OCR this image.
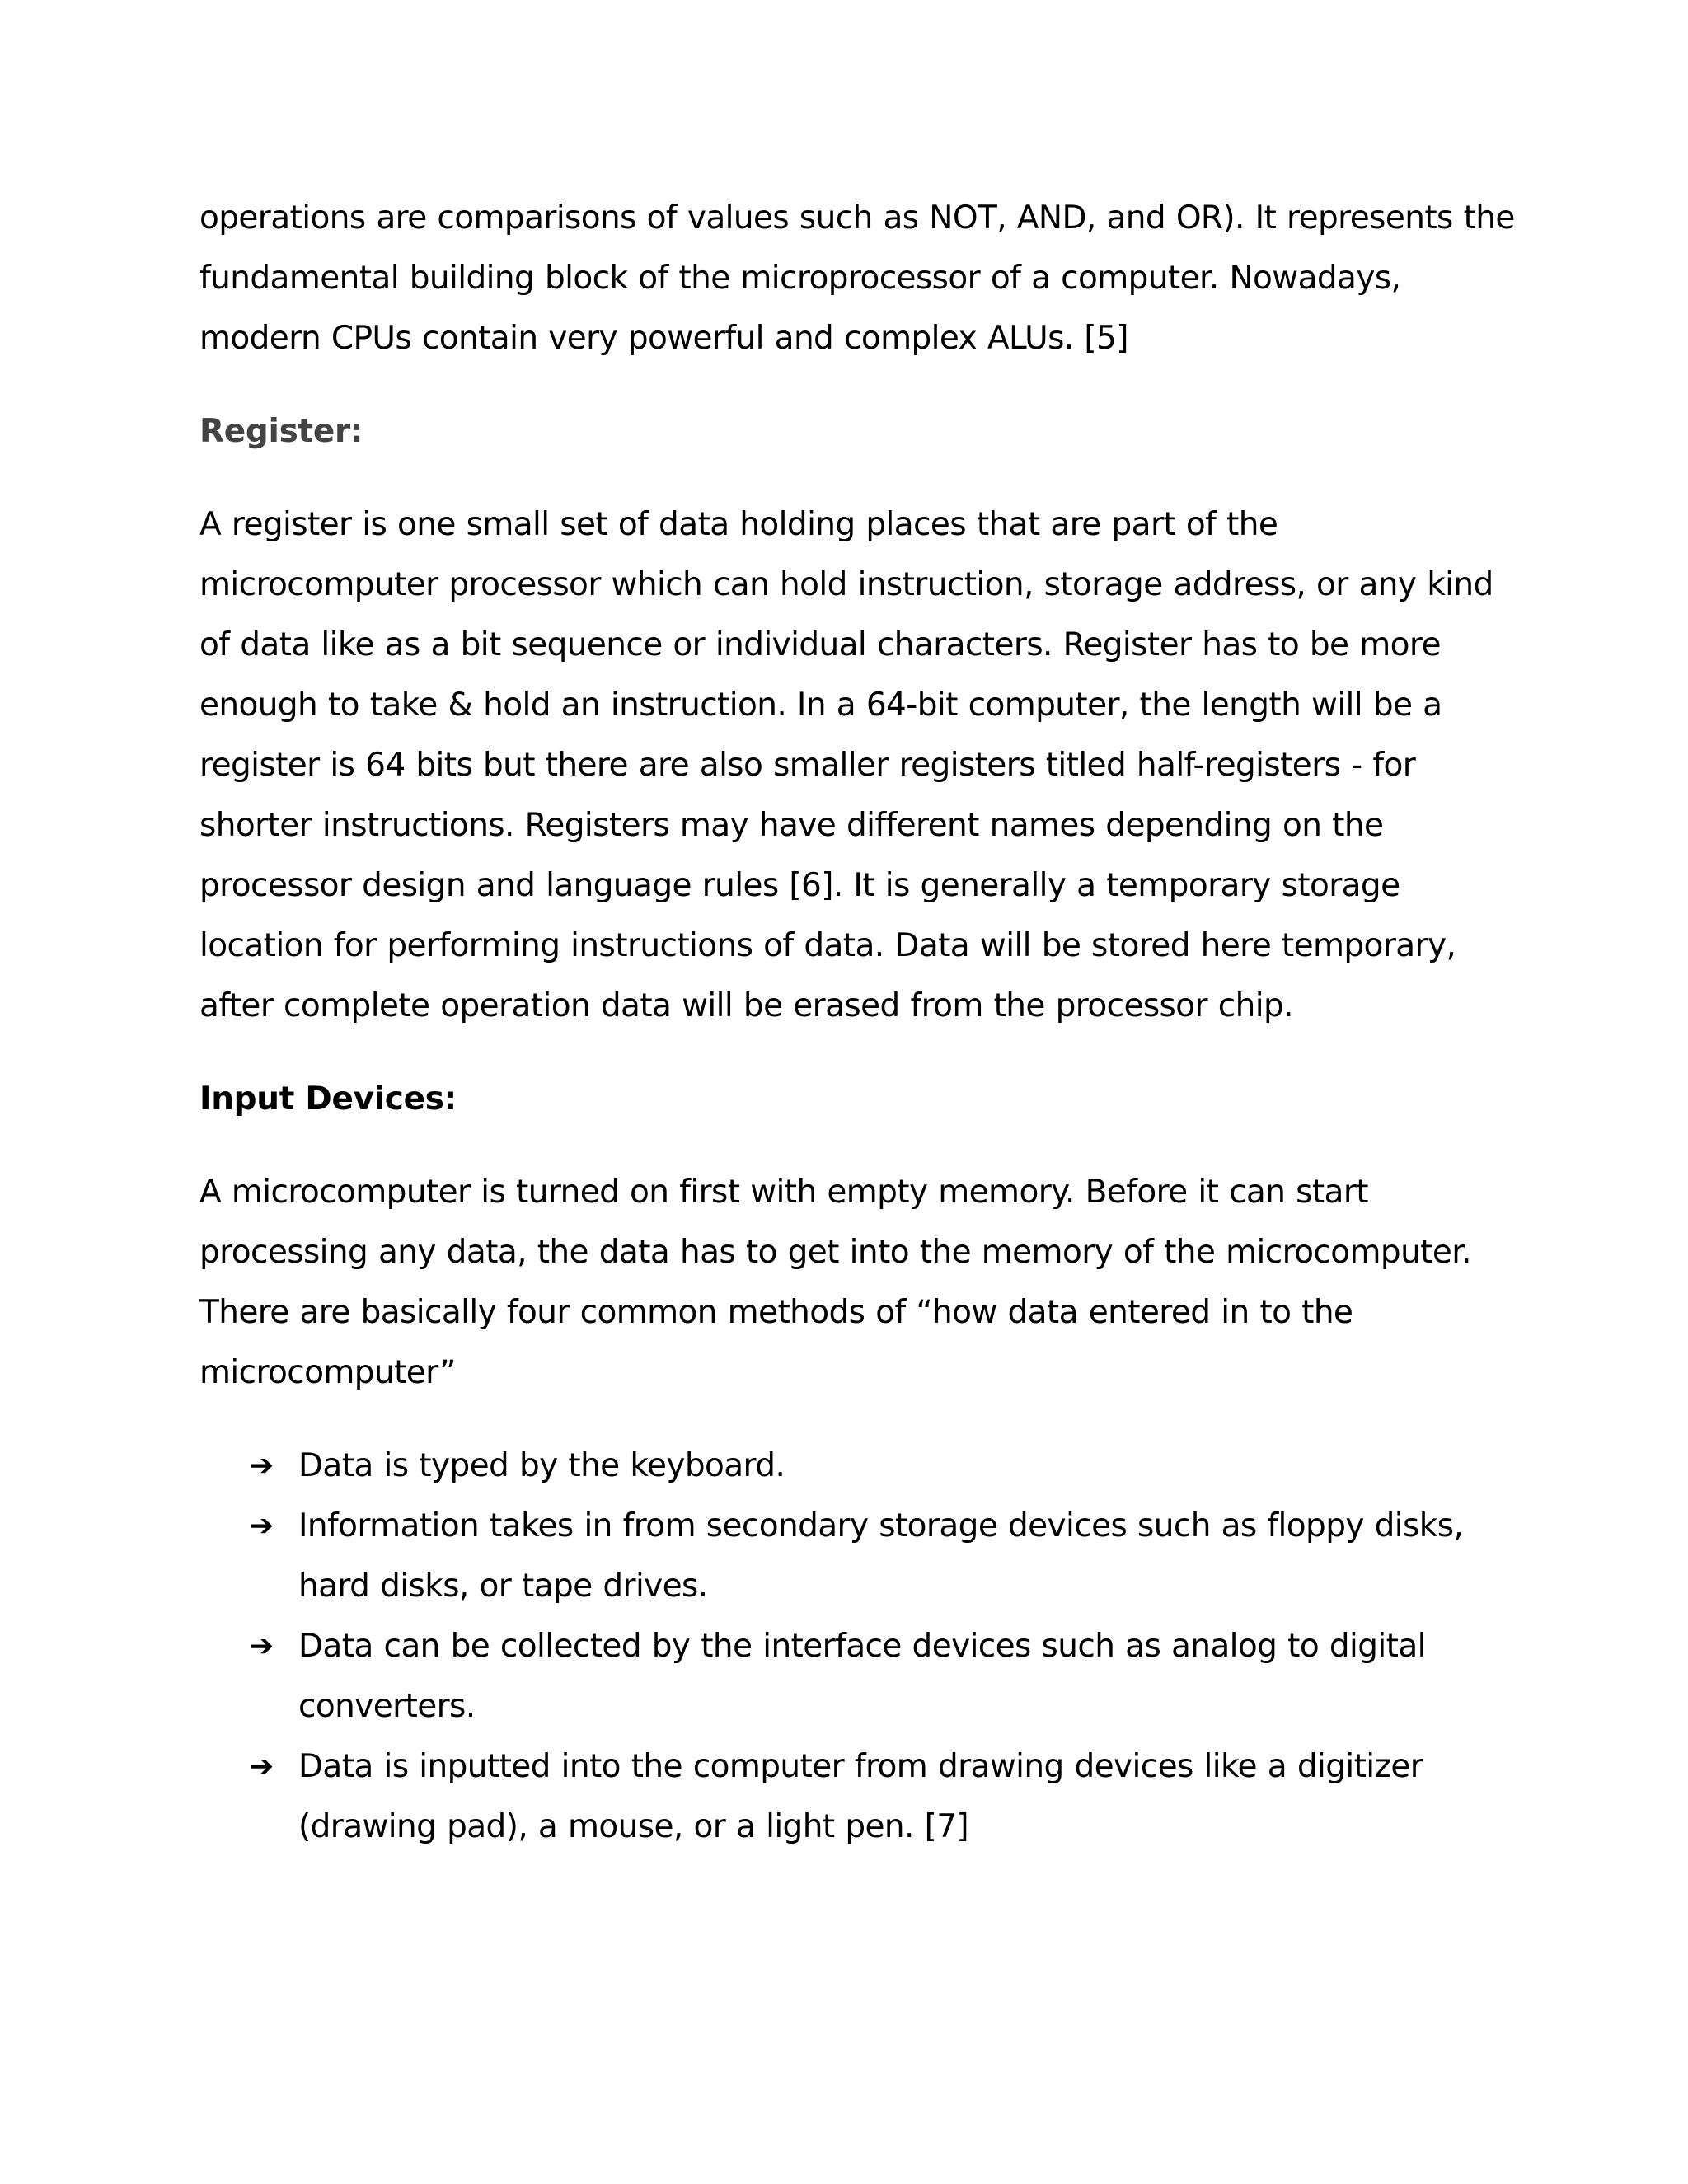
operations are comparisons of values such as NOT, AND, and OR). It represents the fundamental building block of the microprocessor of a computer. Nowadays, modern CPUs contain very powerful and complex ALUs. [5]

Register:

A register is one small set of data holding places that are part of the microcomputer processor which can hold instruction, storage address, or any kind of data like as a bit sequence or individual characters. Register has to be more enough to take & hold an instruction. In a 64-bit computer, the length will be a register is 64 bits but there are also smaller registers titled half-registers - for shorter instructions. Registers may have different names depending on the processor design and language rules [6]. It is generally a temporary storage location for performing instructions of data. Data will be stored here temporary, after complete operation data will be erased from the processor chip.

Input Devices:

A microcomputer is turned on first with empty memory. Before it can start processing any data, the data has to get into the memory of the microcomputer. There are basically four common methods of “how data entered in to the microcomputer”

➔ Data is typed by the keyboard.
➔ Information takes in from secondary storage devices such as floppy disks, hard disks, or tape drives.
➔ Data can be collected by the interface devices such as analog to digital converters.
➔ Data is inputted into the computer from drawing devices like a digitizer (drawing pad), a mouse, or a light pen. [7]
